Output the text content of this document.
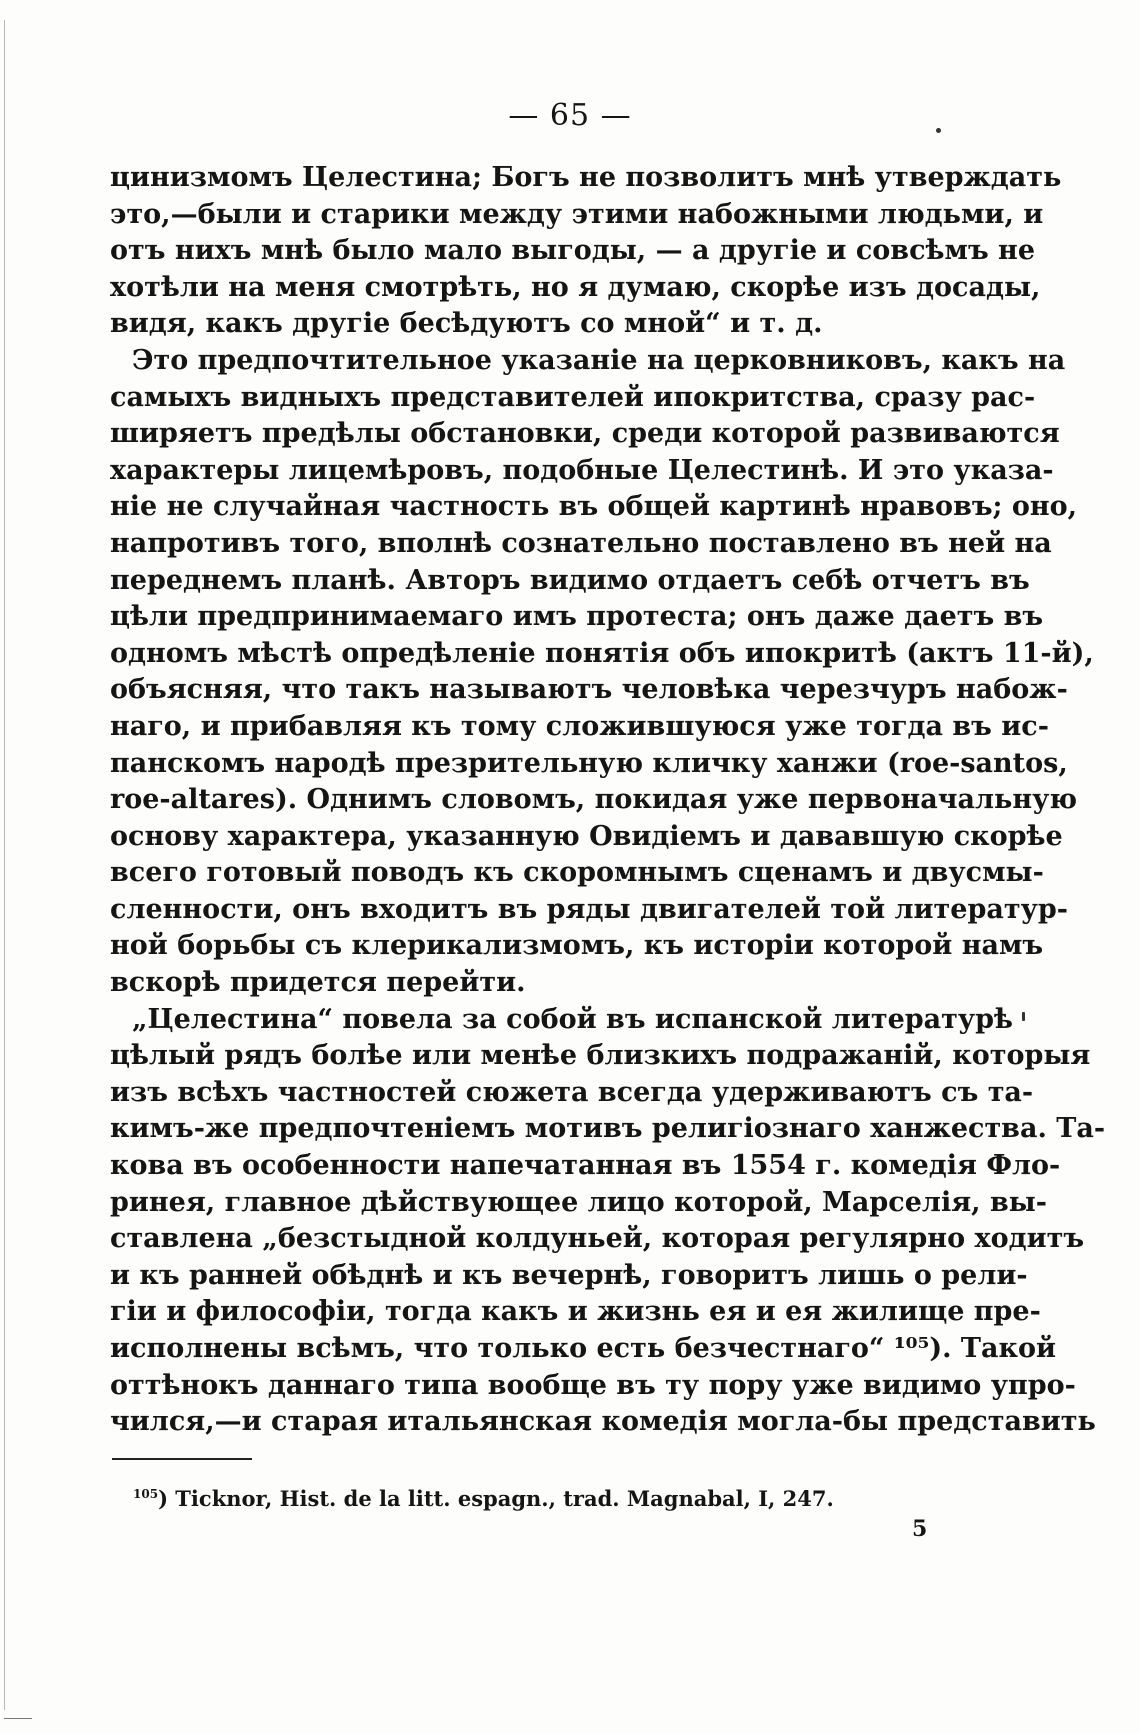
— 65 —
цинизмомъ Целестина; Богъ не позволитъ мнѣ утверждать
это,—были и старики между этими набожными людьми, и
отъ нихъ мнѣ было мало выгоды, — а другіе и совсѣмъ не
хотѣли на меня смотрѣть, но я думаю, скорѣе изъ досады,
видя, какъ другіе бесѣдуютъ со мной“ и т. д.
Это предпочтительное указаніе на церковниковъ, какъ на
самыхъ видныхъ представителей ипокритства, сразу рас-
ширяетъ предѣлы обстановки, среди которой развиваются
характеры лицемѣровъ, подобные Целестинѣ. И это указа-
ніе не случайная частность въ общей картинѣ нравовъ; оно,
напротивъ того, вполнѣ сознательно поставлено въ ней на
переднемъ планѣ. Авторъ видимо отдаетъ себѣ отчетъ въ
цѣли предпринимаемаго имъ протеста; онъ даже даетъ въ
одномъ мѣстѣ опредѣленіе понятія объ ипокритѣ (актъ 11-й),
объясняя, что такъ называютъ человѣка черезчуръ набож-
наго, и прибавляя къ тому сложившуюся уже тогда въ ис-
панскомъ народѣ презрительную кличку ханжи (roe-santos,
roe-altares). Однимъ словомъ, покидая уже первоначальную
основу характера, указанную Овидіемъ и дававшую скорѣе
всего готовый поводъ къ скоромнымъ сценамъ и двусмы-
сленности, онъ входитъ въ ряды двигателей той литератур-
ной борьбы съ клерикализмомъ, къ исторіи которой намъ
вскорѣ придется перейти.
„Целестина“ повела за собой въ испанской литературѣ
цѣлый рядъ болѣе или менѣе близкихъ подражаній, которыя
изъ всѣхъ частностей сюжета всегда удерживаютъ съ та-
кимъ-же предпочтеніемъ мотивъ религіознаго ханжества. Та-
кова въ особенности напечатанная въ 1554 г. комедія Фло-
ринея, главное дѣйствующее лицо которой, Марселія, вы-
ставлена „безстыдной колдуньей, которая регулярно ходитъ
и къ ранней обѣднѣ и къ вечернѣ, говоритъ лишь о рели-
гіи и философіи, тогда какъ и жизнь ея и ея жилище пре-
исполнены всѣмъ, что только есть безчестнаго“ ¹⁰⁵). Такой
оттѣнокъ даннаго типа вообще въ ту пору уже видимо упро-
чился,—и старая итальянская комедія могла-бы представить
$^{105}$) Ticknor, Hist. de la litt. espagn., trad. Magnabal, I, 247.
5
